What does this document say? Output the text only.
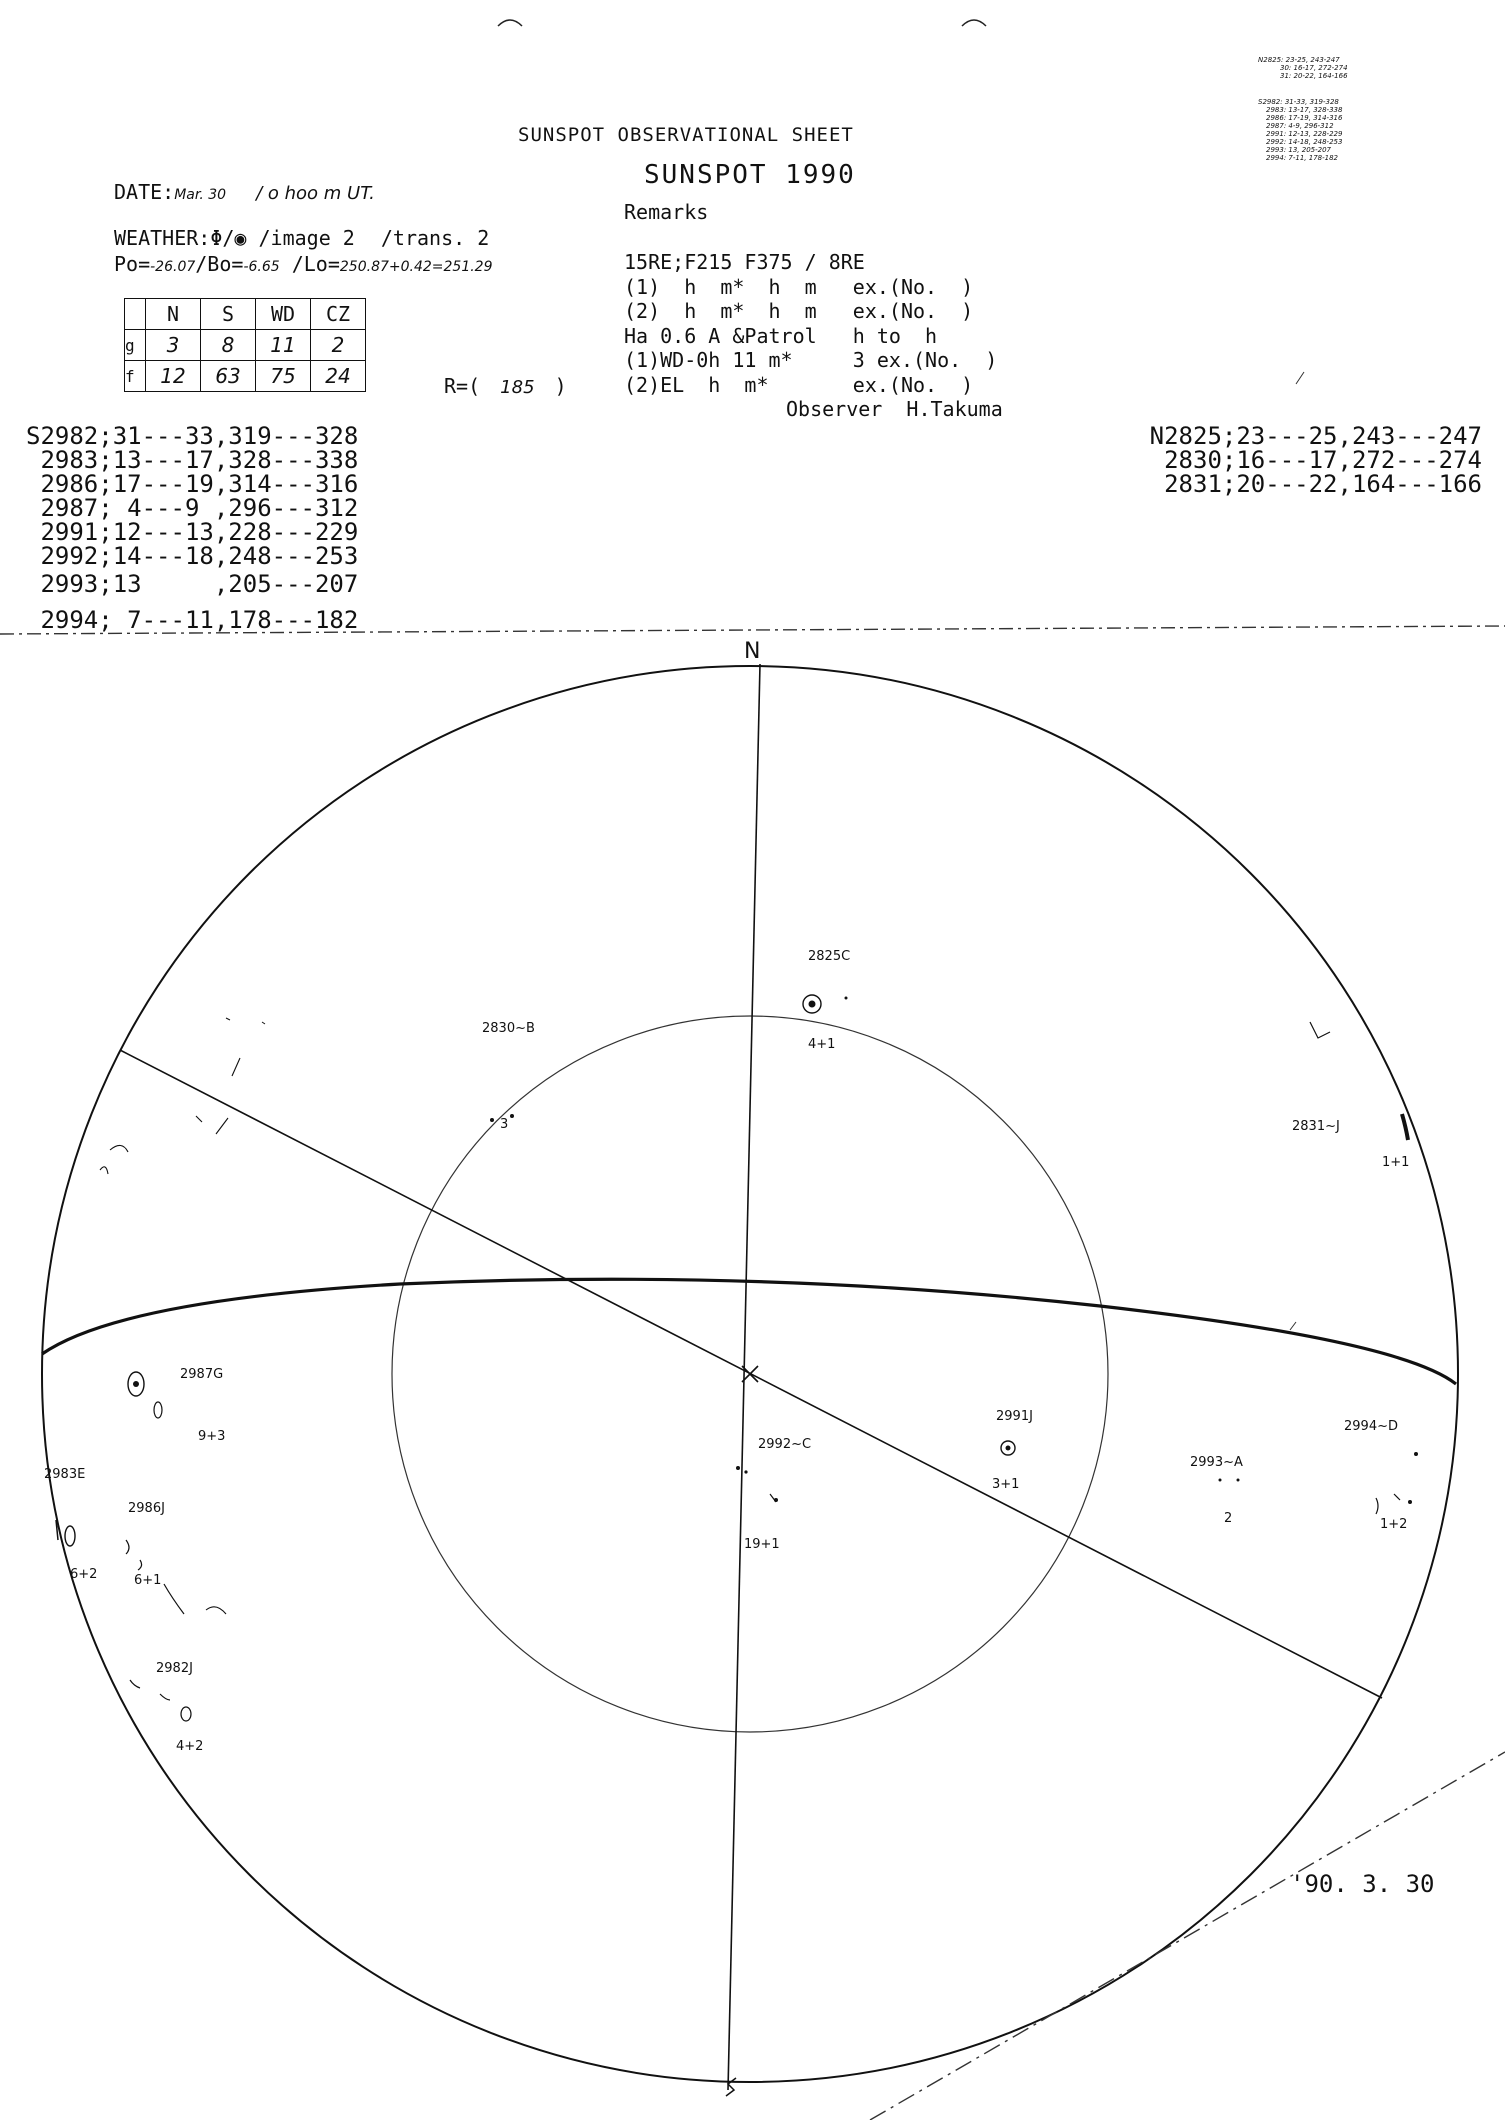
SUNSPOT OBSERVATIONAL SHEET
SUNSPOT 1990
DATE:Mar. 30 / o hoo m UT.
WEATHER:Φ/◉ /image 2 /trans. 2
Po=-26.07/Bo=-6.65 /Lo=250.87+0.42=251.29
	N	S	WD	CZ
g	3	8	11	2
f	12	63	75	24	R=( 185 )
Remarks
15RE;F215 F375 / 8RE
(1)  h  m*  h  m   ex.(No.  )
(2)  h  m*  h  m   ex.(No.  )
Ha 0.6 A &Patrol   h to  h
(1)WD-0h 11 m*     3 ex.(No.  )
(2)EL  h  m*       ex.(No.  )
Observer  H.Takuma
S2982;31---33,319---328
2983;13---17,328---338
2986;17---19,314---316
2987; 4---9 ,296---312
2991;12---13,228---229
2992;14---18,248---253
2993;13     ,205---207
2994; 7---11,178---182
N2825;23---25,243---247
2830;16---17,272---274
2831;20---22,164---166
N2825: 23-25, 243-247
30: 16-17, 272-274
31: 20-22, 164-166
S2982: 31-33, 319-328
2983: 13-17, 328-338
2986: 17-19, 314-316
2987: 4-9, 296-312
2991: 12-13, 228-229
2992: 14-18, 248-253
2993: 13, 205-207
2994: 7-11, 178-182
N
2825C
4+1
2830~B
3	2831~J
1+1
2987G
9+3
2983E
2986J
6+2	6+1
2982J
4+2
2992~C
19+1
2991J
3+1
2993~A
2
2994~D
1+2
'90. 3. 30
